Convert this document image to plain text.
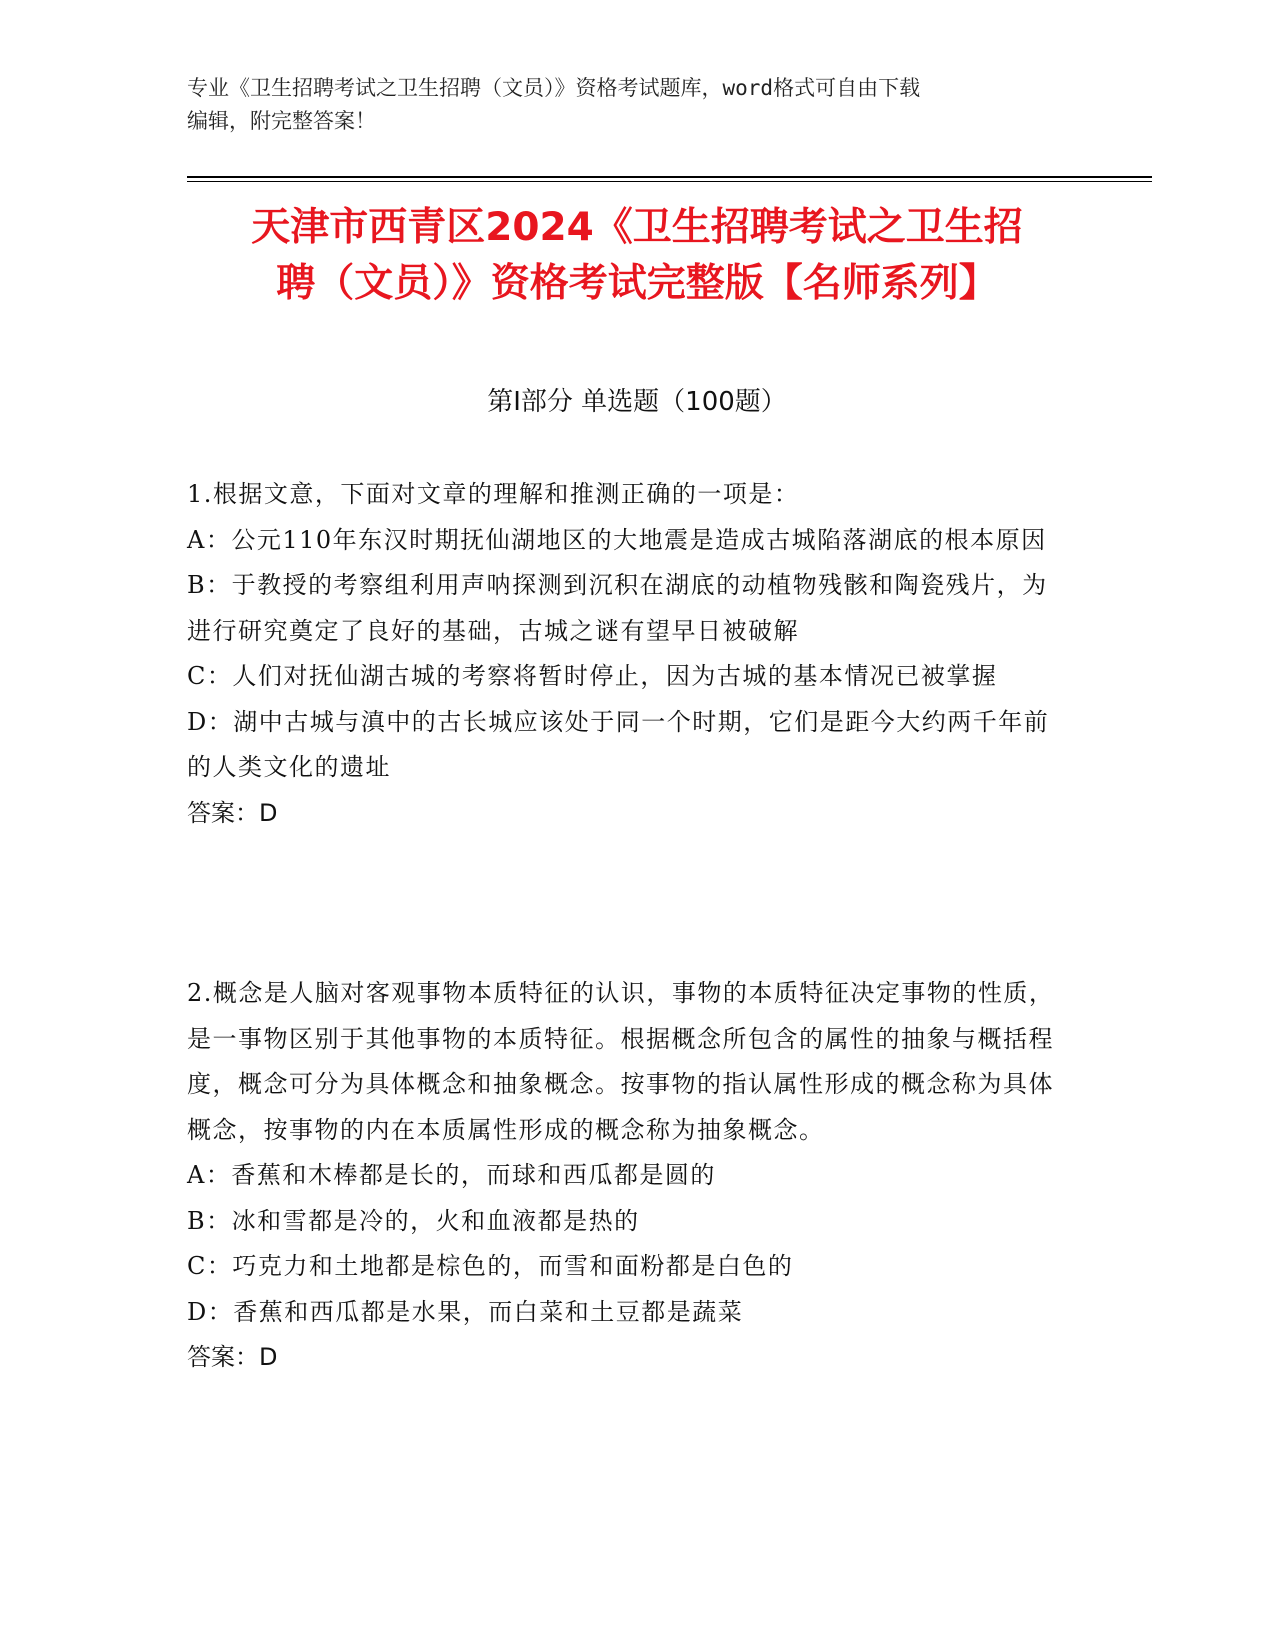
专业《卫生招聘考试之卫生招聘（文员）》资格考试题库，word格式可自由下载
编辑，附完整答案！
天津市西青区2024《卫生招聘考试之卫生招
聘（文员）》资格考试完整版【名师系列】
第Ⅰ部分 单选题（100题）

1.根据文意，下面对文章的理解和推测正确的一项是：

A：公元110年东汉时期抚仙湖地区的大地震是造成古城陷落湖底的根本原因

B：于教授的考察组利用声呐探测到沉积在湖底的动植物残骸和陶瓷残片，为进行研究奠定了良好的基础，古城之谜有望早日被破解

C：人们对抚仙湖古城的考察将暂时停止，因为古城的基本情况已被掌握

D：湖中古城与滇中的古长城应该处于同一个时期，它们是距今大约两千年前的人类文化的遗址

答案：D

2.概念是人脑对客观事物本质特征的认识，事物的本质特征决定事物的性质，是一事物区别于其他事物的本质特征。根据概念所包含的属性的抽象与概括程度，概念可分为具体概念和抽象概念。按事物的指认属性形成的概念称为具体概念，按事物的内在本质属性形成的概念称为抽象概念。

A：香蕉和木棒都是长的，而球和西瓜都是圆的

B：冰和雪都是冷的，火和血液都是热的

C：巧克力和土地都是棕色的，而雪和面粉都是白色的

D：香蕉和西瓜都是水果，而白菜和土豆都是蔬菜

答案：D
